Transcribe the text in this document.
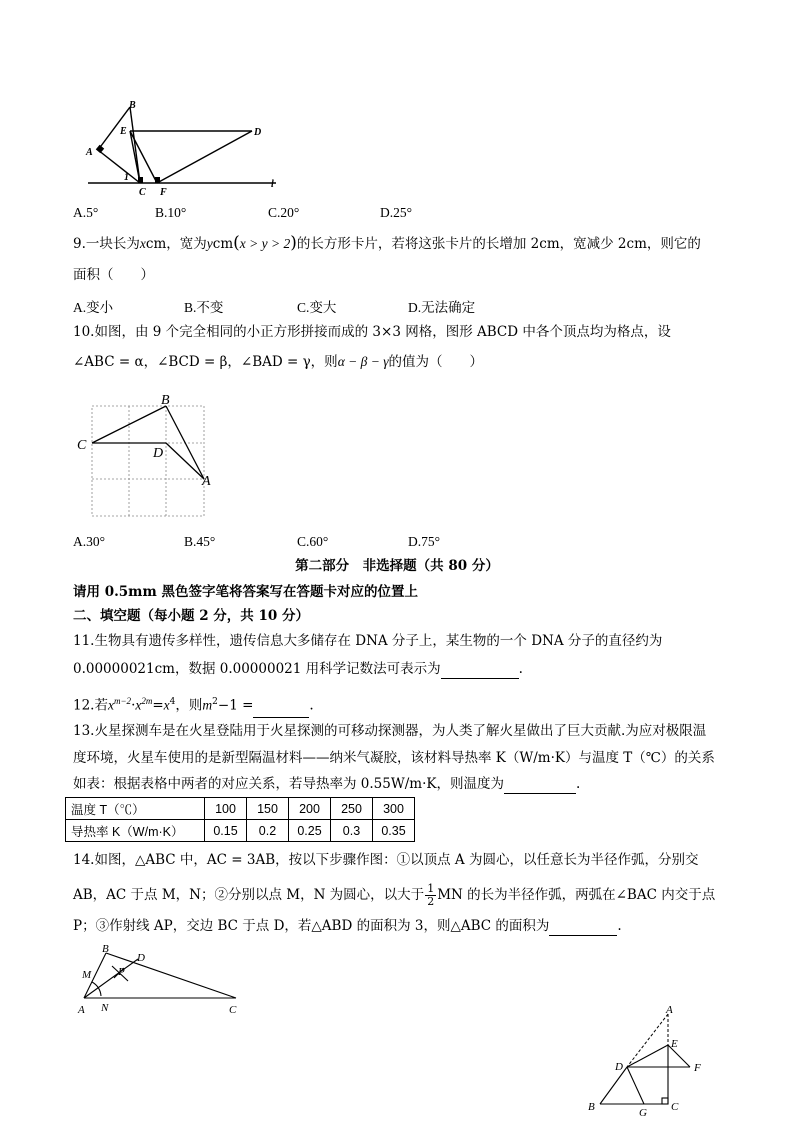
B
E	D
A
1
C F
l
A.5°	B.10°	C.20°	D.25°
9.一块长为xcm，宽为ycm(x > y > 2)的长方形卡片，若将这张卡片的长增加 2cm，宽减少 2cm，则它的
面积（　　）
A.变小	B.不变	C.变大	D.无法确定
10.如图，由 9 个完全相同的小正方形拼接而成的 3×3 网格，图形 ABCD 中各个顶点均为格点，设
∠ABC = α，∠BCD = β，∠BAD = γ，则α − β − γ的值为（　　）
B
C
D
A
A.30°	B.45°	C.60°	D.75°
第二部分　非选择题（共 80 分）
请用 0.5mm 黑色签字笔将答案写在答题卡对应的位置上
二、填空题（每小题 2 分，共 10 分）
11.生物具有遗传多样性，遗传信息大多储存在 DNA 分子上，某生物的一个 DNA 分子的直径约为
0.00000021cm，数据 0.00000021 用科学记数法可表示为	.
12.若$x^{m-2}\cdot x^{2m}=x^4$，则$m^2-1$ =	.
13.火星探测车是在火星登陆用于火星探测的可移动探测器，为人类了解火星做出了巨大贡献.为应对极限温
度环境，火星车使用的是新型隔温材料——纳米气凝胶，该材料导热率 K（W/m·K）与温度 T（℃）的关系
如表：根据表格中两者的对应关系，若导热率为 0.55W/m·K，则温度为	.
温度 T（℃）	100	150	200	250	300
导热率 K（W/m·K）	0.15	0.2	0.25	0.3	0.35
14.如图，△ABC 中，AC = 3AB，按以下步骤作图：①以顶点 A 为圆心，以任意长为半径作弧，分别交
AB，AC 于点 M，N；②分别以点 M，N 为圆心，以大于 $\frac{1}{2}$ MN 的长为半径作弧，两弧在∠BAC 内交于点
P；③作射线 AP，交边 BC 于点 D，若△ABD 的面积为 3，则△ABC 的面积为	.
B
D
M P
A N	C	A
E
D	F
B	G C
